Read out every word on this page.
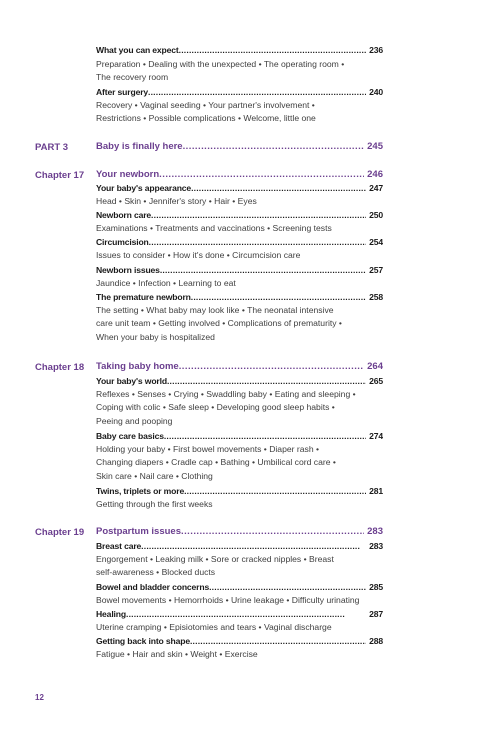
What you can expect . . .	236
Preparation • Dealing with the unexpected • The operating room •
The recovery room
After surgery . . .	240
Recovery • Vaginal seeding • Your partner's involvement •
Restrictions • Possible complications • Welcome, little one
PART 3	Baby is finally here . . .	245
Chapter 17 Your newborn . . .	246
Your baby's appearance . . .	247
Head • Skin • Jennifer's story • Hair • Eyes
Newborn care . . .	250
Examinations • Treatments and vaccinations • Screening tests
Circumcision . . .	254
Issues to consider • How it's done • Circumcision care
Newborn issues . . .	257
Jaundice • Infection • Learning to eat
The premature newborn . . .	258
The setting • What baby may look like • The neonatal intensive
care unit team • Getting involved • Complications of prematurity •
When your baby is hospitalized
Chapter 18 Taking baby home . . .	264
Your baby's world . . .	265
Reflexes • Senses • Crying • Swaddling baby • Eating and sleeping •
Coping with colic • Safe sleep • Developing good sleep habits •
Peeing and pooping
Baby care basics . . .	274
Holding your baby • First bowel movements • Diaper rash •
Changing diapers • Cradle cap • Bathing • Umbilical cord care •
Skin care • Nail care • Clothing
Twins, triplets or more . . .	281
Getting through the first weeks
Chapter 19 Postpartum issues . . .	283
Breast care . . .	283
Engorgement • Leaking milk • Sore or cracked nipples • Breast
self-awareness • Blocked ducts
Bowel and bladder concerns . . .	285
Bowel movements • Hemorrhoids • Urine leakage • Difficulty urinating
Healing . . .	287
Uterine cramping • Episiotomies and tears • Vaginal discharge
Getting back into shape . . .	288
Fatigue • Hair and skin • Weight • Exercise
12
